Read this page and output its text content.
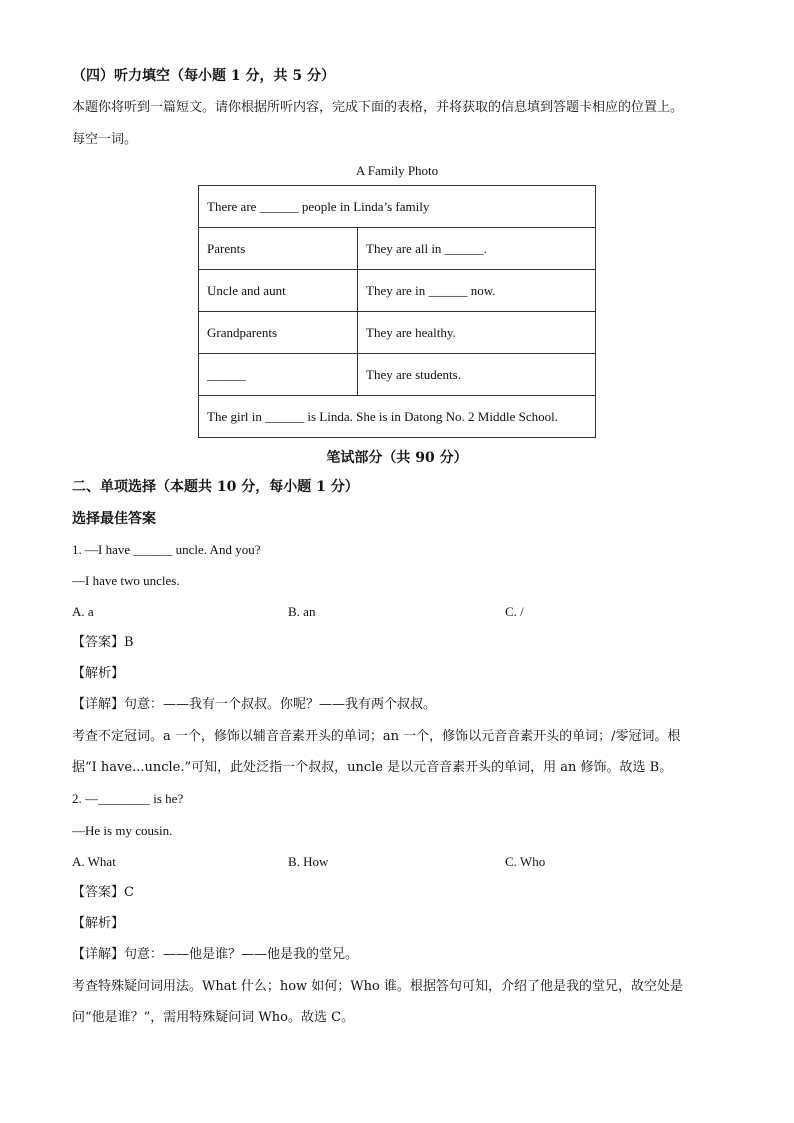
（四）听力填空（每小题 1 分，共 5 分）
本题你将听到一篇短文。请你根据所听内容，完成下面的表格，并将获取的信息填到答题卡相应的位置上。
每空一词。
A Family Photo
There are ______ people in Linda’s family	
Parents	They are all in ______.
Uncle and aunt	They are in ______ now.
Grandparents	They are healthy.
______	They are students.
The girl in ______ is Linda. She is in Datong No. 2 Middle School.	
笔试部分（共 90 分）
二、单项选择（本题共 10 分，每小题 1 分）
选择最佳答案
1. —I have ______ uncle. And you?
—I have two uncles.
A. a	B. an	C. /
【答案】B
【解析】
【详解】句意：——我有一个叔叔。你呢？——我有两个叔叔。
考查不定冠词。a 一个，修饰以辅音音素开头的单词；an 一个，修饰以元音音素开头的单词；/零冠词。根
据“I have...uncle.”可知，此处泛指一个叔叔，uncle 是以元音音素开头的单词，用 an 修饰。故选 B。
2. —________ is he?
—He is my cousin.
A. What	B. How	C. Who
【答案】C
【解析】
【详解】句意：——他是谁？——他是我的堂兄。
考查特殊疑问词用法。What 什么；how 如何；Who 谁。根据答句可知，介绍了他是我的堂兄，故空处是
问“他是谁？”，需用特殊疑问词 Who。故选 C。
